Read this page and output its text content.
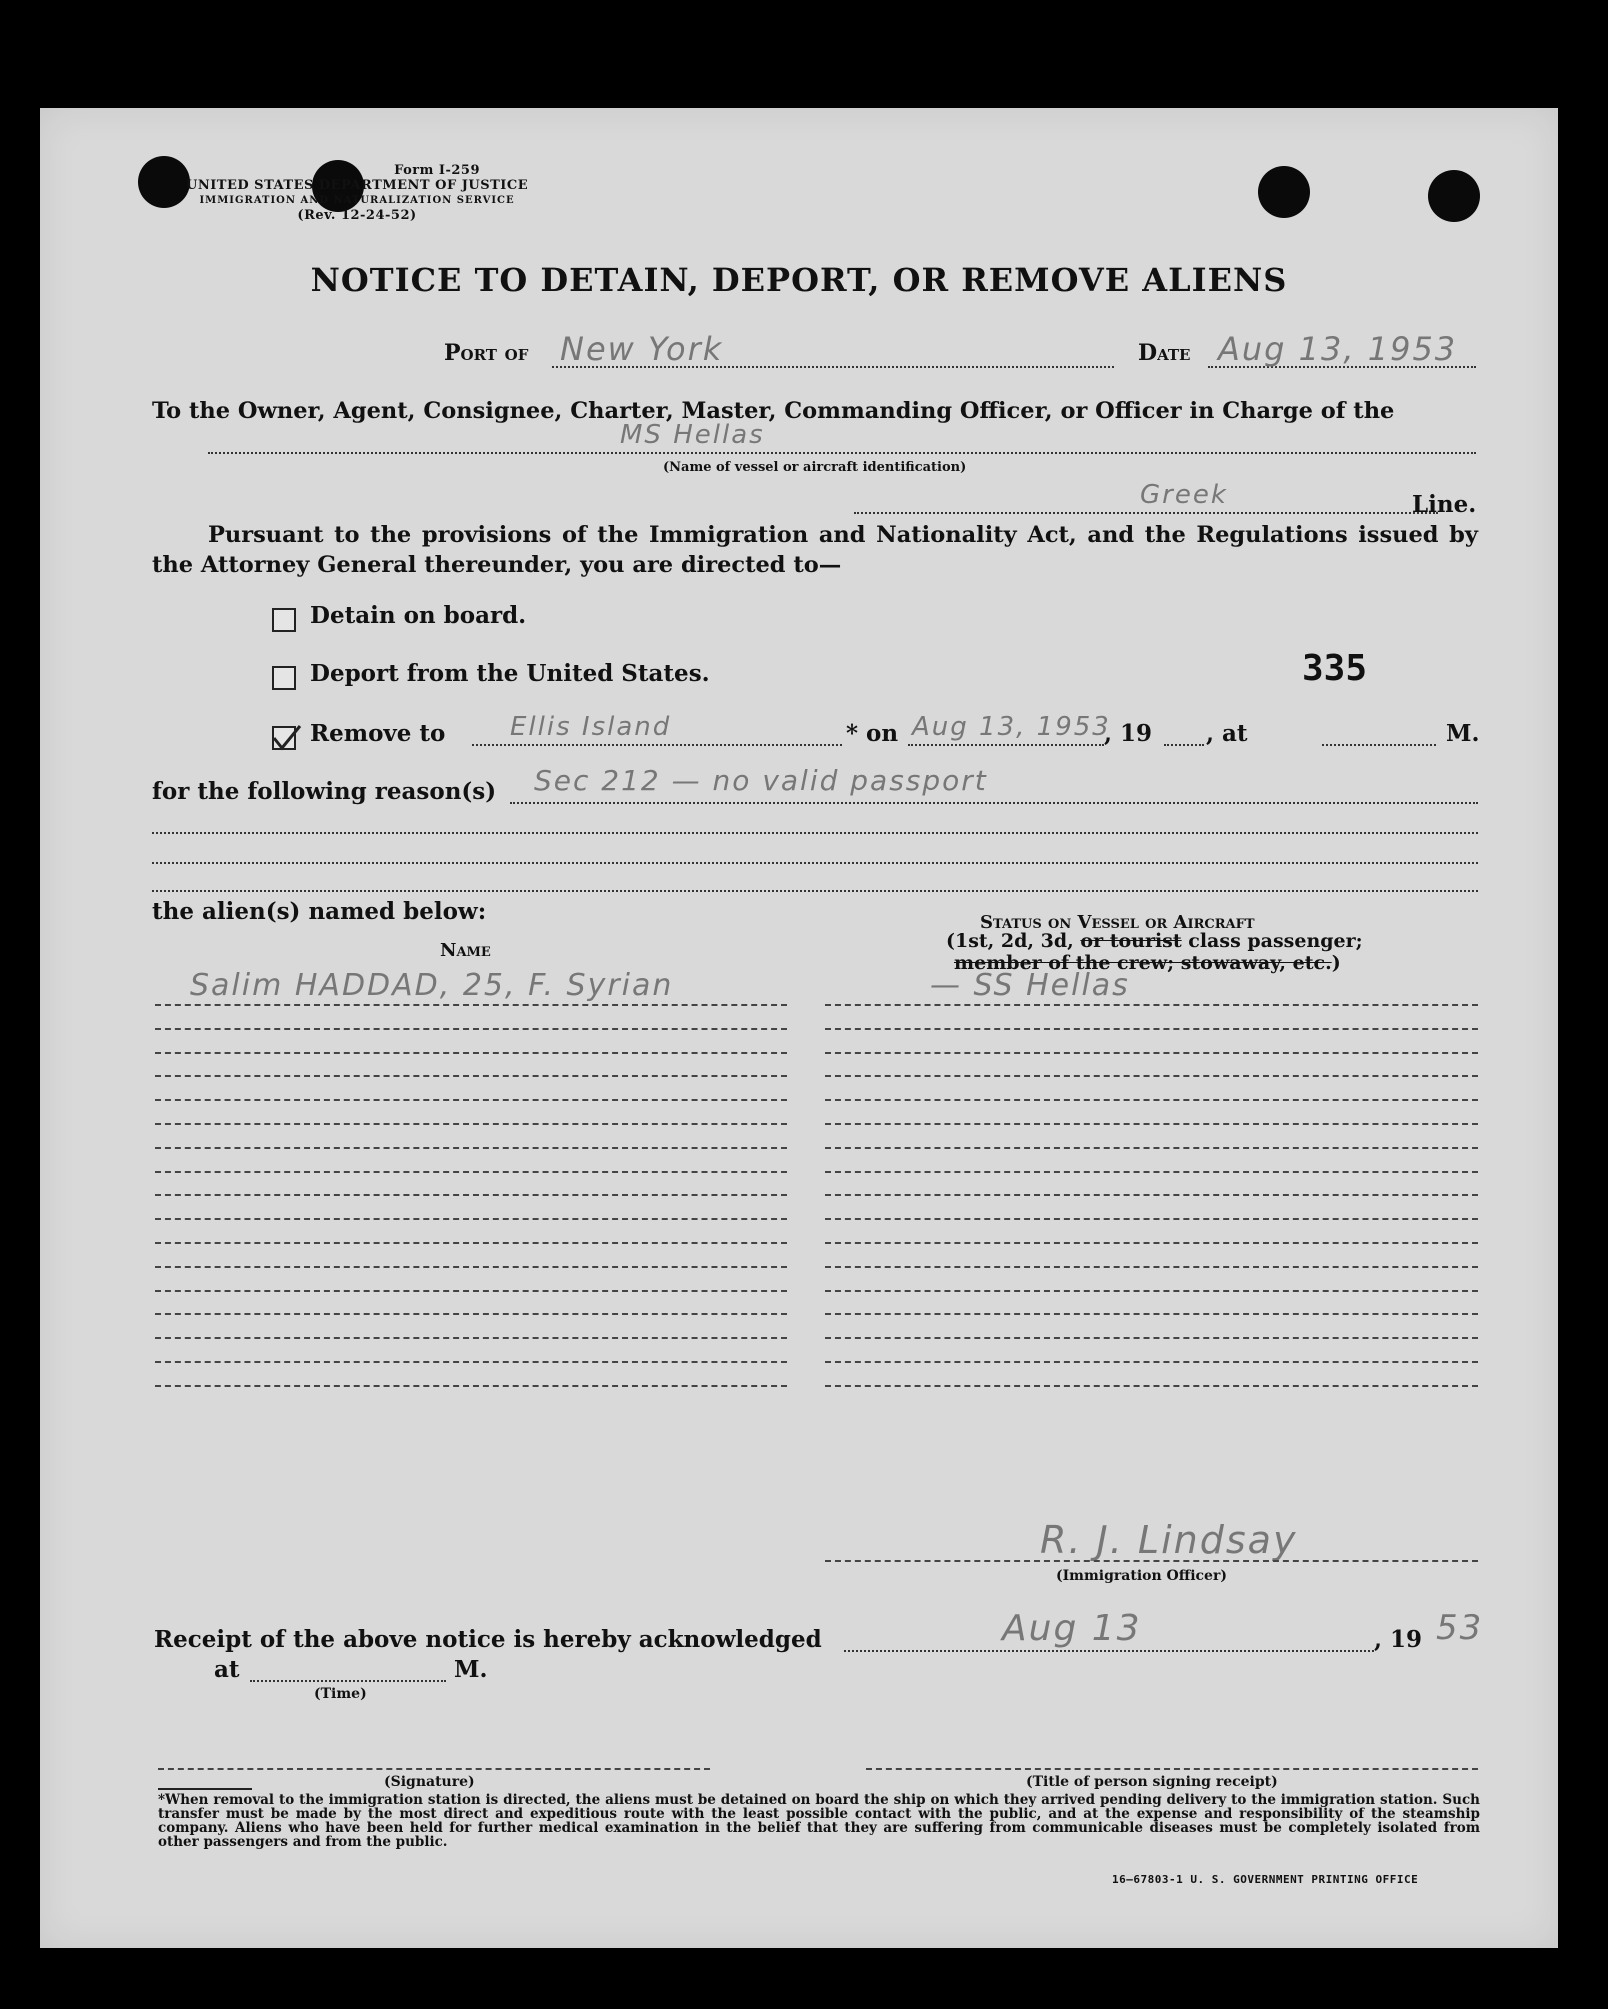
Form I-259
UNITED STATES DEPARTMENT OF JUSTICE
IMMIGRATION AND NATURALIZATION SERVICE
(Rev. 12-24-52)
NOTICE TO DETAIN, DEPORT, OR REMOVE ALIENS
Port of New York	Date Aug 13, 1953
To the Owner, Agent, Consignee, Charter, Master, Commanding Officer, or Officer in Charge of the
MS Hellas
(Name of vessel or aircraft identification)
Greek	Line.
Pursuant to the provisions of the Immigration and Nationality Act, and the Regulations issued by the Attorney General thereunder, you are directed to—
Detain on board.
Deport from the United States.	335
Remove to Ellis Island	* on Aug 13, 1953
, 19 , at	M.
for the following reason(s) Sec 212 — no valid passport
the alien(s) named below:
Name
Status on Vessel or Aircraft
(1st, 2d, 3d, or tourist class passenger;
member of the crew; stowaway, etc.)
Salim HADDAD, 25, F. Syrian	— SS Hellas
R. J. Lindsay
(Immigration Officer)
Receipt of the above notice is hereby acknowledged	Aug 13	, 19 53
at	M.
(Time)
(Signature)	(Title of person signing receipt)
*When removal to the immigration station is directed, the aliens must be detained on board the ship on which they arrived pending delivery to the immigration station. Such transfer must be made by the most direct and expeditious route with the least possible contact with the public, and at the expense and responsibility of the steamship company. Aliens who have been held for further medical examination in the belief that they are suffering from communicable diseases must be completely isolated from other passengers and from the public.
16—67803-1 U. S. GOVERNMENT PRINTING OFFICE
